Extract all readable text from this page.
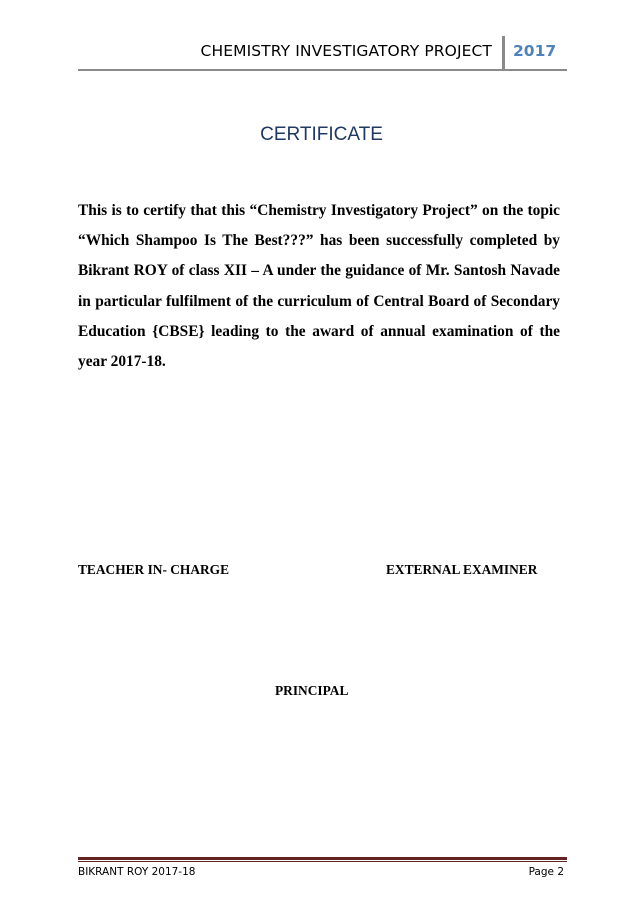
CHEMISTRY INVESTIGATORY PROJECT 2017
CERTIFICATE

This is to certify that this “Chemistry Investigatory Project” on the topic “Which Shampoo Is The Best???” has been successfully completed by Bikrant ROY of class XII – A under the guidance of Mr. Santosh Navade in particular fulfilment of the curriculum of Central Board of Secondary Education {CBSE} leading to the award of annual examination of the year 2017-18.

TEACHER IN- CHARGE	EXTERNAL EXAMINER
PRINCIPAL
BIKRANT ROY 2017-18	Page 2
